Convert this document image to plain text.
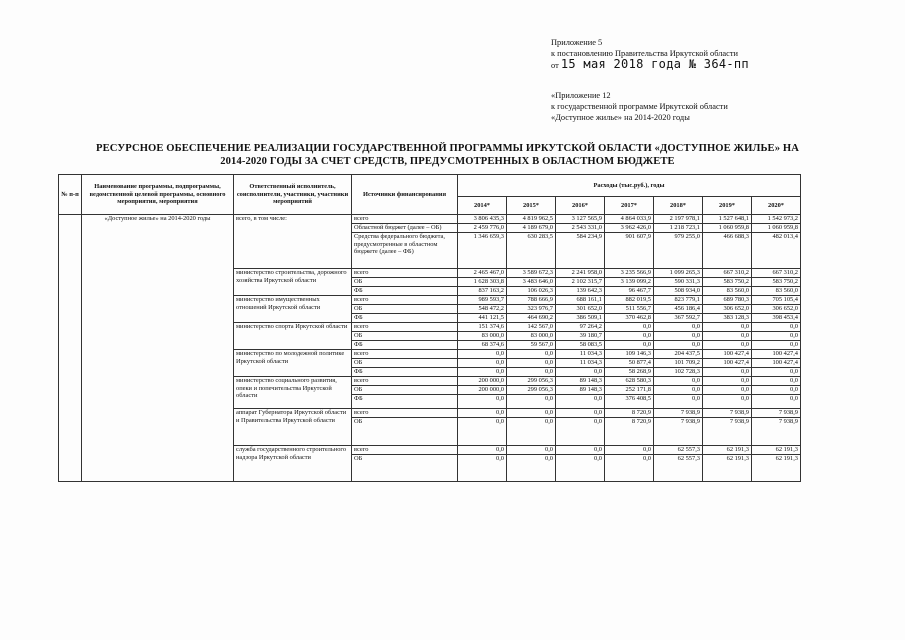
Приложение 5
к постановлению Правительства Иркутской области
от 15 мая 2018 года № 364-пп
«Приложение 12
к государственной программе Иркутской области
«Доступное жилье» на 2014-2020 годы
РЕСУРСНОЕ ОБЕСПЕЧЕНИЕ РЕАЛИЗАЦИИ ГОСУДАРСТВЕННОЙ ПРОГРАММЫ ИРКУТСКОЙ ОБЛАСТИ «ДОСТУПНОЕ ЖИЛЬЕ» НА
2014-2020 ГОДЫ ЗА СЧЕТ СРЕДСТВ, ПРЕДУСМОТРЕННЫХ В ОБЛАСТНОМ БЮДЖЕТЕ
№ п-п	Наименование программы, подпрограммы, ведомственной целевой программы, основного мероприятия, мероприятия	Ответственный исполнитель, соисполнители, участники, участники мероприятий	Источники финансирования	Расходы (тыс.руб.), годы						
				2014*	2015*	2016*	2017*	2018*	2019*	2020*
	«Доступное жилье» на 2014-2020 годы	всего, в том числе:	всего	3 806 435,3	4 819 962,5	3 127 565,9	4 864 033,9	2 197 978,1	1 527 648,1	1 542 973,2
			Областной бюджет (далее – ОБ)	2 459 776,0	4 189 679,0	2 543 331,0	3 962 426,0	1 218 723,1	1 060 959,8	1 060 959,8
			Средства федерального бюджета, предусмотренные в областном бюджете (далее – ФБ)	1 346 659,3	630 283,5	584 234,9	901 607,9	979 255,0	466 688,3	482 013,4
		министерство строительства, дорожного хозяйства Иркутской области	всего	2 465 467,0	3 589 672,3	2 241 958,0	3 235 566,9	1 099 265,3	667 310,2	667 310,2
			ОБ	1 628 303,8	3 483 646,0	2 102 315,7	3 139 099,2	590 331,3	583 750,2	583 750,2
			ФБ	837 163,2	106 026,3	139 642,3	96 467,7	508 934,0	83 560,0	83 560,0
		министерство имущественных отношений Иркутской области	всего	989 593,7	788 666,9	688 161,1	882 019,5	823 779,1	689 780,3	705 105,4
			ОБ	548 472,2	323 976,7	301 652,0	511 556,7	456 186,4	306 652,0	306 652,0
			ФБ	441 121,5	464 690,2	386 509,1	370 462,8	367 592,7	383 128,3	398 453,4
		министерство спорта Иркутской области	всего	151 374,6	142 567,0	97 264,2	0,0	0,0	0,0	0,0
			ОБ	83 000,0	83 000,0	39 180,7	0,0	0,0	0,0	0,0
			ФБ	68 374,6	59 567,0	58 083,5	0,0	0,0	0,0	0,0
		министерство по молодежной политике Иркутской области	всего	0,0	0,0	11 034,3	109 146,3	204 437,5	100 427,4	100 427,4
			ОБ	0,0	0,0	11 034,3	50 877,4	101 709,2	100 427,4	100 427,4
			ФБ	0,0	0,0	0,0	58 268,9	102 728,3	0,0	0,0
		министерство социального развития, опеки и попечительства Иркутской области	всего	200 000,0	299 056,3	89 148,3	628 580,3	0,0	0,0	0,0
			ОБ	200 000,0	299 056,3	89 148,3	252 171,8	0,0	0,0	0,0
			ФБ	0,0	0,0	0,0	376 408,5	0,0	0,0	0,0
		аппарат Губернатора Иркутской области и Правительства Иркутской области	всего	0,0	0,0	0,0	8 720,9	7 938,9	7 938,9	7 938,9
			ОБ	0,0	0,0	0,0	8 720,9	7 938,9	7 938,9	7 938,9
		служба государственного строительного надзора Иркутской области	всего	0,0	0,0	0,0	0,0	62 557,3	62 191,3	62 191,3
			ОБ	0,0	0,0	0,0	0,0	62 557,3	62 191,3	62 191,3
